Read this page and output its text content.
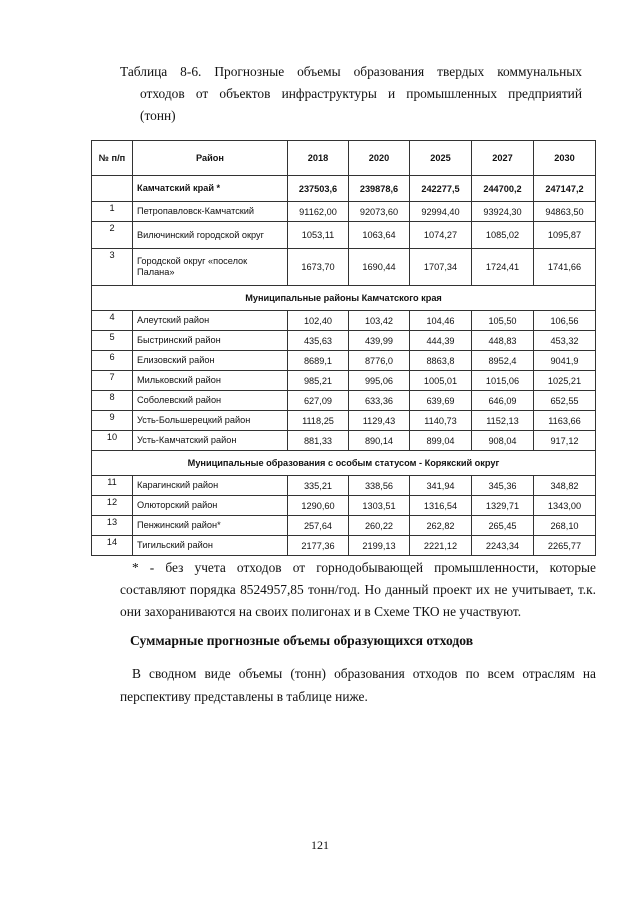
Таблица 8-6. Прогнозные объемы образования твердых коммунальных
отходов от объектов инфраструктуры и промышленных предприятий
(тонн)
№ п/п	Район	2018	2020	2025	2027	2030
	Камчатский край *	237503,6	239878,6	242277,5	244700,2	247147,2
1	Петропавловск-Камчатский	91162,00	92073,60	92994,40	93924,30	94863,50
2	Вилючинский городской округ	1053,11	1063,64	1074,27	1085,02	1095,87
3	Городской округ «поселок Палана»	1673,70	1690,44	1707,34	1724,41	1741,66
Муниципальные районы Камчатского края						
4	Алеутский район	102,40	103,42	104,46	105,50	106,56
5	Быстринский район	435,63	439,99	444,39	448,83	453,32
6	Елизовский район	8689,1	8776,0	8863,8	8952,4	9041,9
7	Мильковский район	985,21	995,06	1005,01	1015,06	1025,21
8	Соболевский район	627,09	633,36	639,69	646,09	652,55
9	Усть-Большерецкий район	1118,25	1129,43	1140,73	1152,13	1163,66
10	Усть-Камчатский район	881,33	890,14	899,04	908,04	917,12
Муниципальные образования с особым статусом - Корякский округ						
11	Карагинский район	335,21	338,56	341,94	345,36	348,82
12	Олюторский район	1290,60	1303,51	1316,54	1329,71	1343,00
13	Пенжинский район*	257,64	260,22	262,82	265,45	268,10
14	Тигильский район	2177,36	2199,13	2221,12	2243,34	2265,77

* - без учета отходов от горнодобывающей промышленности, которые составляют порядка 8524957,85 тонн/год. Но данный проект их не учитывает, т.к. они захораниваются на своих полигонах и в Схеме ТКО не участвуют.

Суммарные прогнозные объемы образующихся отходов
В сводном виде объемы (тонн) образования отходов по всем отраслям на перспективу представлены в таблице ниже.
121
